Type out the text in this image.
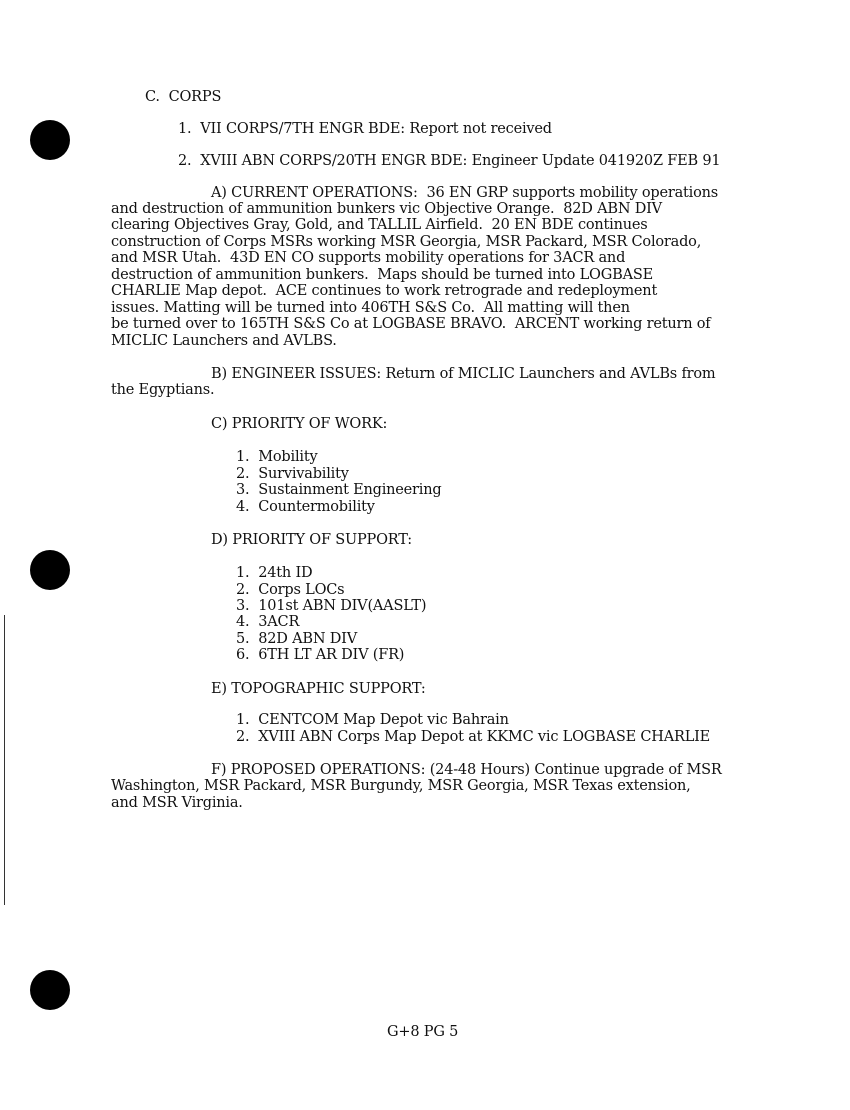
C.  CORPS
1.  VII CORPS/7TH ENGR BDE: Report not received
2.  XVIII ABN CORPS/20TH ENGR BDE: Engineer Update 041920Z FEB 91
A) CURRENT OPERATIONS:  36 EN GRP supports mobility operations
and destruction of ammunition bunkers vic Objective Orange.  82D ABN DIV
clearing Objectives Gray, Gold, and TALLIL Airfield.  20 EN BDE continues
construction of Corps MSRs working MSR Georgia, MSR Packard, MSR Colorado,
and MSR Utah.  43D EN CO supports mobility operations for 3ACR and
destruction of ammunition bunkers.  Maps should be turned into LOGBASE
CHARLIE Map depot.  ACE continues to work retrograde and redeployment
issues. Matting will be turned into 406TH S&S Co.  All matting will then
be turned over to 165TH S&S Co at LOGBASE BRAVO.  ARCENT working return of
MICLIC Launchers and AVLBS.
B) ENGINEER ISSUES: Return of MICLIC Launchers and AVLBs from
the Egyptians.
C) PRIORITY OF WORK:
1.  Mobility
2.  Survivability
3.  Sustainment Engineering
4.  Countermobility
D) PRIORITY OF SUPPORT:
1.  24th ID
2.  Corps LOCs
3.  101st ABN DIV(AASLT)
4.  3ACR
5.  82D ABN DIV
6.  6TH LT AR DIV (FR)
E) TOPOGRAPHIC SUPPORT:
1.  CENTCOM Map Depot vic Bahrain
2.  XVIII ABN Corps Map Depot at KKMC vic LOGBASE CHARLIE
F) PROPOSED OPERATIONS: (24-48 Hours) Continue upgrade of MSR
Washington, MSR Packard, MSR Burgundy, MSR Georgia, MSR Texas extension,
and MSR Virginia.
G+8 PG 5
